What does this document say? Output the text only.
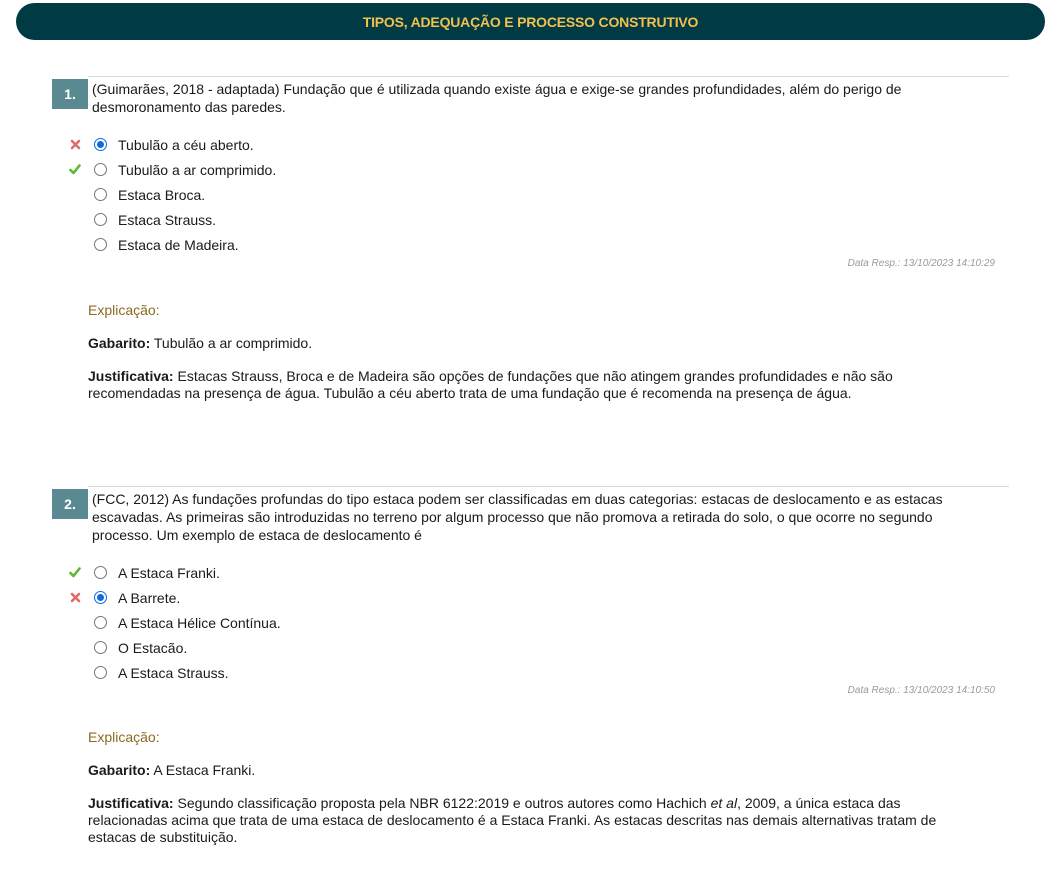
TIPOS, ADEQUAÇÃO E PROCESSO CONSTRUTIVO
1.	(Guimarães, 2018 - adaptada) Fundação que é utilizada quando existe água e exige-se grandes profundidades, além do perigo de desmoronamento das paredes.
Tubulão a céu aberto.
Tubulão a ar comprimido.
Estaca Broca.
Estaca Strauss.
Estaca de Madeira.
Data Resp.: 13/10/2023 14:10:29
Explicação:
Gabarito: Tubulão a ar comprimido.
Justificativa: Estacas Strauss, Broca e de Madeira são opções de fundações que não atingem grandes profundidades e não são recomendadas na presença de água. Tubulão a céu aberto trata de uma fundação que é recomenda na presença de água.
2.	(FCC, 2012) As fundações profundas do tipo estaca podem ser classificadas em duas categorias: estacas de deslocamento e as estacas escavadas. As primeiras são introduzidas no terreno por algum processo que não promova a retirada do solo, o que ocorre no segundo processo. Um exemplo de estaca de deslocamento é
A Estaca Franki.
A Barrete.
A Estaca Hélice Contínua.
O Estacão.
A Estaca Strauss.
Data Resp.: 13/10/2023 14:10:50
Explicação:
Gabarito: A Estaca Franki.
Justificativa: Segundo classificação proposta pela NBR 6122:2019 e outros autores como Hachich et al, 2009, a única estaca das relacionadas acima que trata de uma estaca de deslocamento é a Estaca Franki. As estacas descritas nas demais alternativas tratam de estacas de substituição.
